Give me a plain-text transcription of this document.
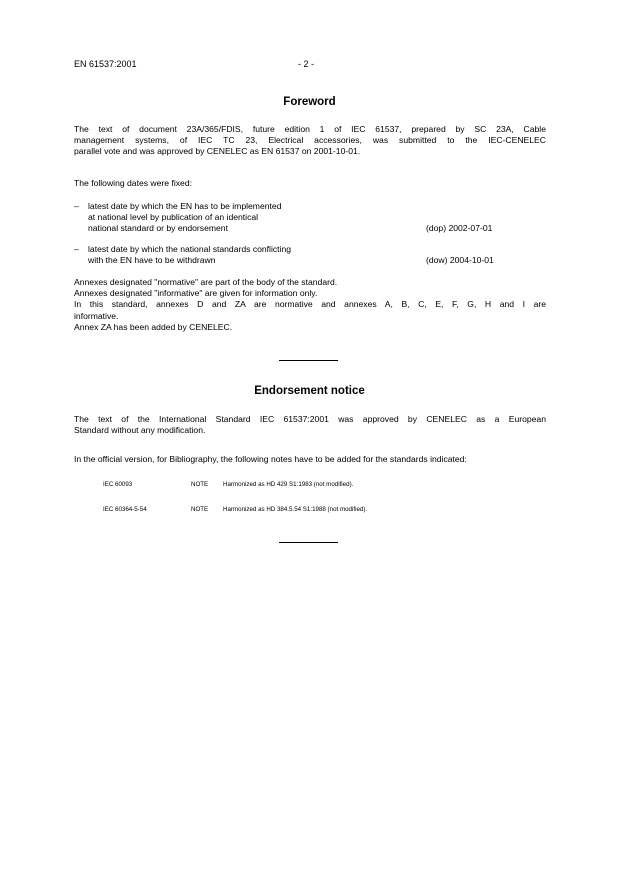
EN 61537:2001	- 2 -
Foreword

The text of document 23A/365/FDIS, future edition 1 of IEC 61537, prepared by SC 23A, Cable

management systems, of IEC TC 23, Electrical accessories, was submitted to the IEC-CENELEC

parallel vote and was approved by CENELEC as EN 61537 on 2001-10-01.

The following dates were fixed:
– latest date by which the EN has to be implemented
at national level by publication of an identical
national standard or by endorsement	(dop) 2002-07-01
– latest date by which the national standards conflicting
with the EN have to be withdrawn	(dow) 2004-10-01

Annexes designated "normative" are part of the body of the standard.

Annexes designated "informative" are given for information only.

In this standard, annexes D and ZA are normative and annexes A, B, C, E, F, G, H and I are

informative.

Annex ZA has been added by CENELEC.

Endorsement notice

The text of the International Standard IEC 61537:2001 was approved by CENELEC as a European

Standard without any modification.

In the official version, for Bibliography, the following notes have to be added for the standards indicated:
IEC 60093	NOTE Harmonized as HD 429 S1:1983 (not modified).
IEC 60364-5-54	NOTE Harmonized as HD 384.5.54 S1:1988 (not modified).
